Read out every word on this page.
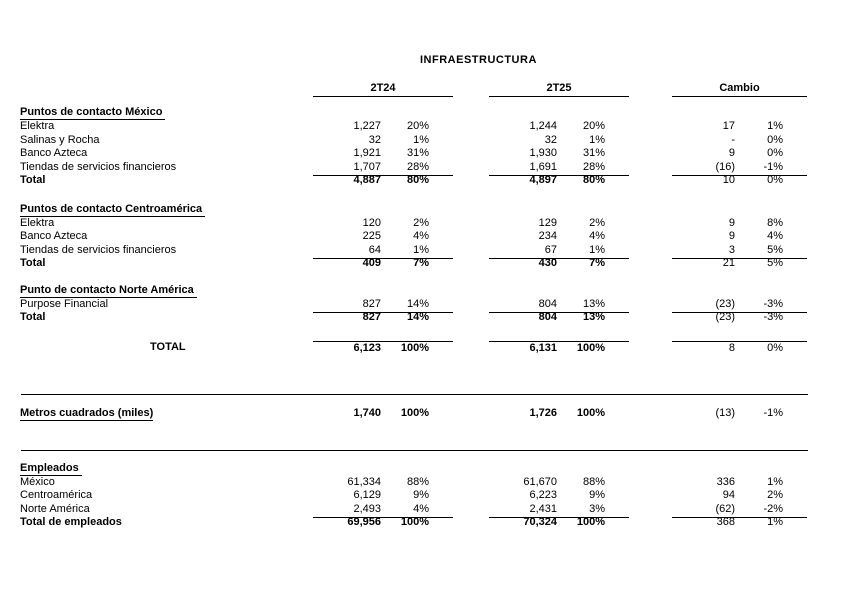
INFRAESTRUCTURA
2T24	2T25	Cambio
Puntos de contacto México
Elektra	1,227	20%	1,244	20%	17	1%
Salinas y Rocha	32	1%	32	1%	-	0%
Banco Azteca	1,921	31%	1,930	31%	9	0%
Tiendas de servicios financieros	1,707	28%	1,691	28%	(16)	-1%
Total	4,887	80%	4,897	80%	10	0%
Puntos de contacto Centroamérica
Elektra	120	2%	129	2%	9	8%
Banco Azteca	225	4%	234	4%	9	4%
Tiendas de servicios financieros	64	1%	67	1%	3	5%
Total	409	7%	430	7%	21	5%
Punto de contacto Norte América
Purpose Financial	827	14%	804	13%	(23)	-3%
Total	827	14%	804	13%	(23)	-3%
TOTAL	6,123	100%	6,131	100%	8	0%
Metros cuadrados (miles)	1,740	100%	1,726	100%	(13)	-1%
Empleados
México	61,334	88%	61,670	88%	336	1%
Centroamérica	6,129	9%	6,223	9%	94	2%
Norte América	2,493	4%	2,431	3%	(62)	-2%
Total de empleados	69,956	100%	70,324	100%	368	1%
